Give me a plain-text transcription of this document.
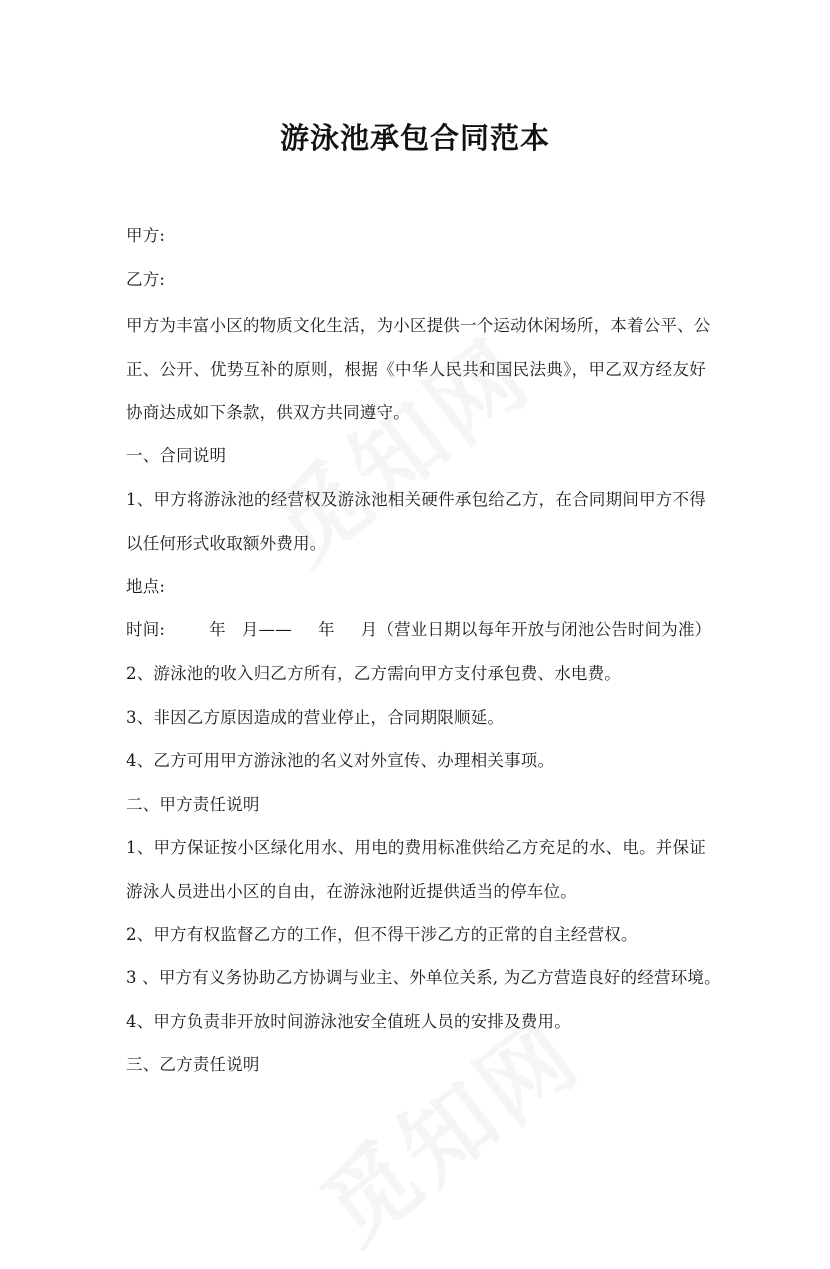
游泳池承包合同范本
甲方:
乙方:
甲方为丰富小区的物质文化生活，为小区提供一个运动休闲场所，本着公平、公
正、公开、优势互补的原则，根据《中华人民共和国民法典》，甲乙双方经友好
协商达成如下条款，供双方共同遵守。
一、合同说明
1、甲方将游泳池的经营权及游泳池相关硬件承包给乙方，在合同期间甲方不得
以任何形式收取额外费用。
地点:
时间:	年 月—— 年 月（营业日期以每年开放与闭池公告时间为准）
2、游泳池的收入归乙方所有，乙方需向甲方支付承包费、水电费。
3、非因乙方原因造成的营业停止，合同期限顺延。
4、乙方可用甲方游泳池的名义对外宣传、办理相关事项。
二、甲方责任说明
1、甲方保证按小区绿化用水、用电的费用标准供给乙方充足的水、电。并保证
游泳人员进出小区的自由，在游泳池附近提供适当的停车位。
2、甲方有权监督乙方的工作，但不得干涉乙方的正常的自主经营权。
3 、甲方有义务协助乙方协调与业主、外单位关系, 为乙方营造良好的经营环境。
4、甲方负责非开放时间游泳池安全值班人员的安排及费用。
三、乙方责任说明
